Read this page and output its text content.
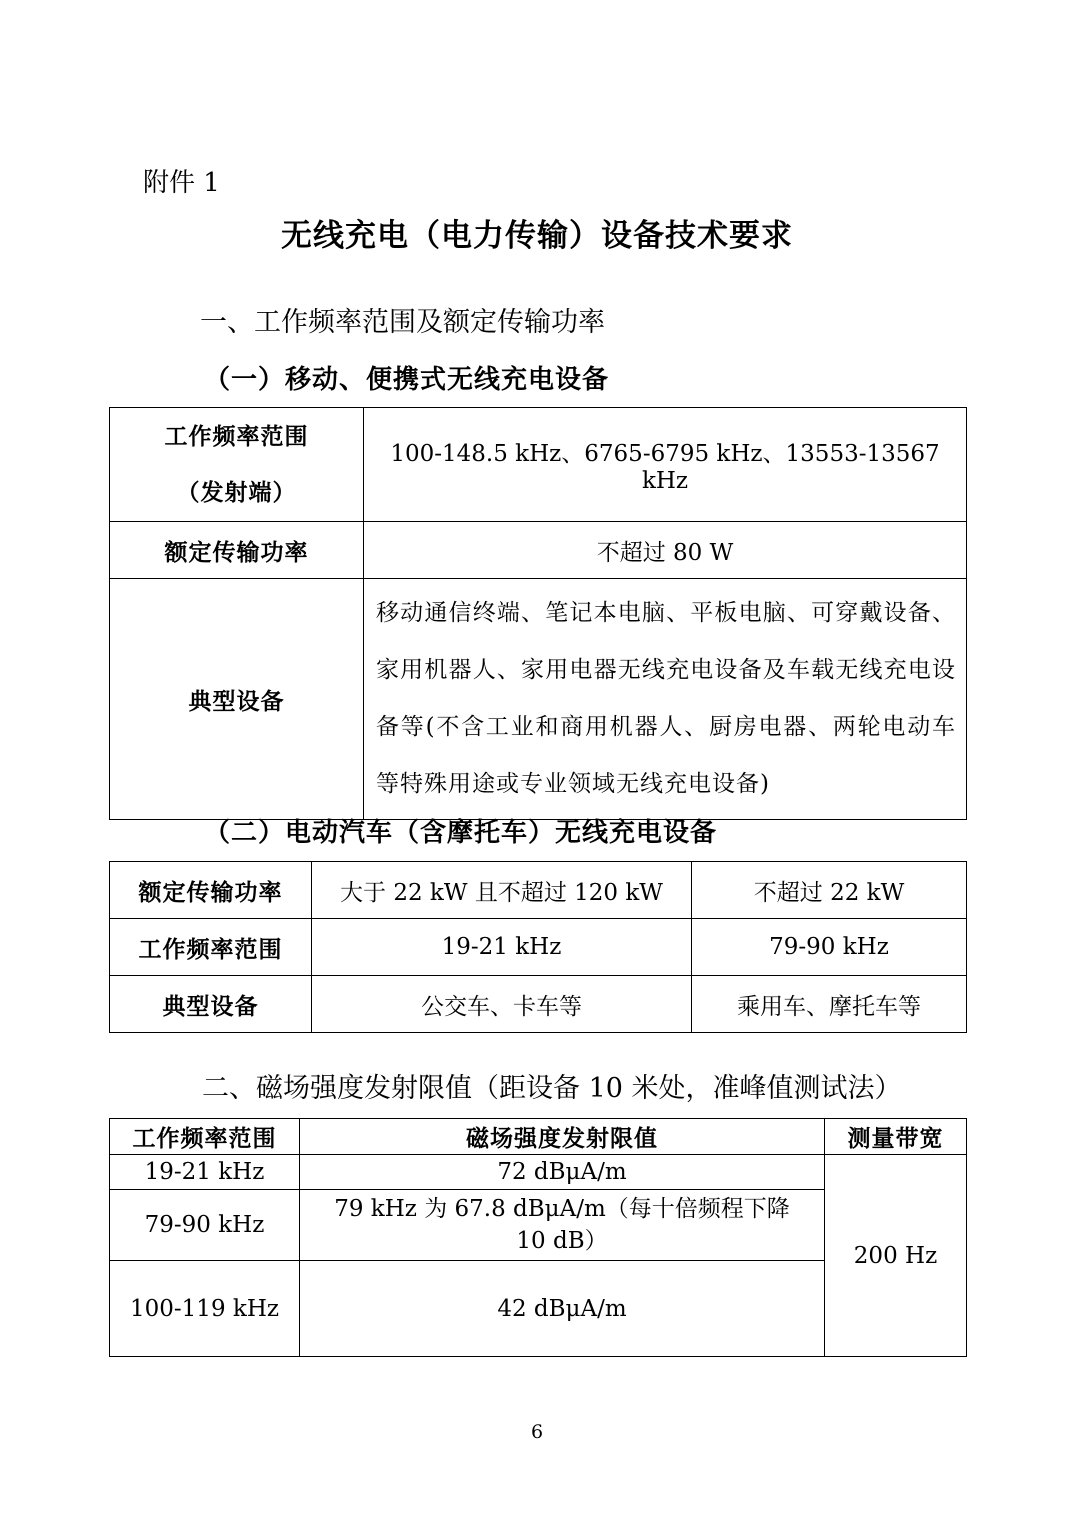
附件 1
无线充电（电力传输）设备技术要求
一、工作频率范围及额定传输功率
（一）移动、便携式无线充电设备
工作频率范围
（发射端）	100-148.5 kHz、6765-6795 kHz、13553-13567 kHz
额定传输功率	不超过 80 W
典型设备	移动通信终端、笔记本电脑、平板电脑、可穿戴设备、家用机器人、家用电器无线充电设备及车载无线充电设备等(不含工业和商用机器人、厨房电器、两轮电动车等特殊用途或专业领域无线充电设备)
（二）电动汽车（含摩托车）无线充电设备
额定传输功率	大于 22 kW 且不超过 120 kW	不超过 22 kW
工作频率范围	19-21 kHz	79-90 kHz
典型设备	公交车、卡车等	乘用车、摩托车等
二、磁场强度发射限值（距设备 10 米处，准峰值测试法）
工作频率范围	磁场强度发射限值	测量带宽
19-21 kHz	72 dBμA/m	200 Hz
79-90 kHz	79 kHz 为 67.8 dBμA/m（每十倍频程下降
10 dB）	

100-119 kHz	42 dBμA/m	
6
